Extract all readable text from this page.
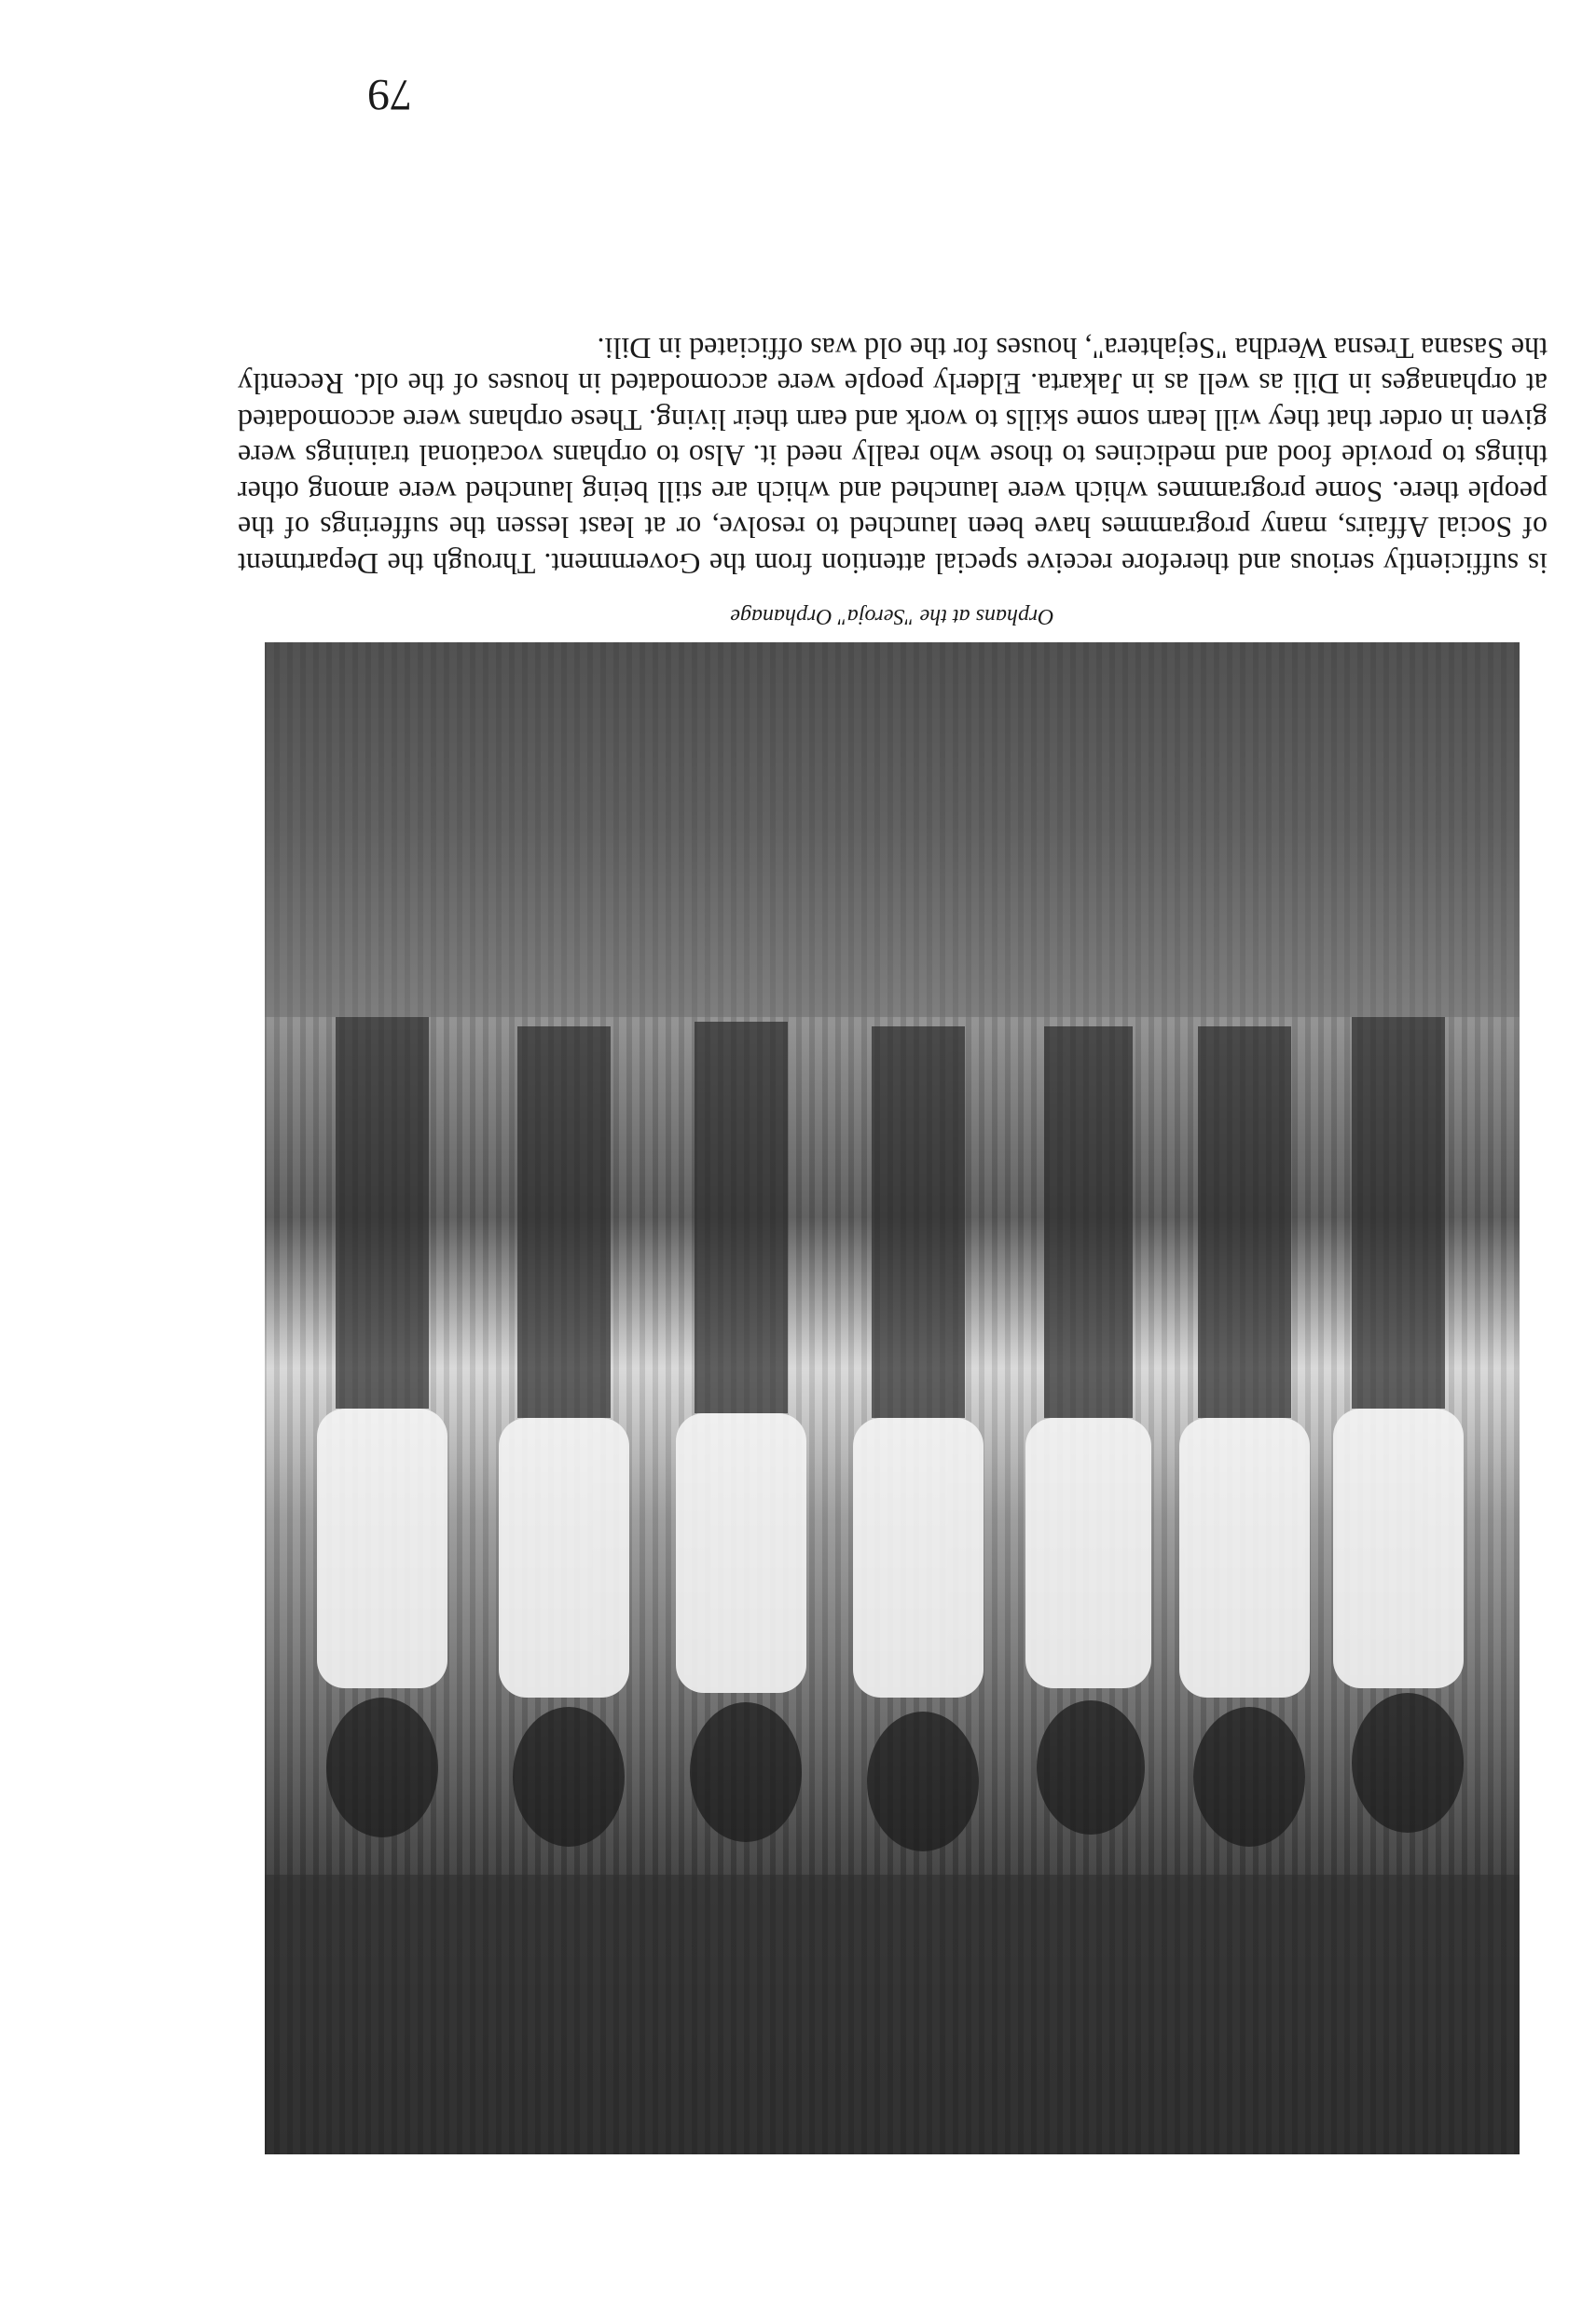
Orphans at the "Seroja" Orphanage

is sufficiently serious and therefore receive special attention from the Government. Through the Department of Social Affairs, many programmes have been launched to resolve, or at least lessen the sufferings of the people there. Some programmes which were launched and which are still being launched were among other things to provide food and medicines to those who really need it. Also to orphans vocational trainings were given in order that they will learn some skills to work and earn their living. These orphans were accomodated at orphanages in Dili as well as in Jakarta. Elderly people were accomodated in houses of the old. Recently the Sasana Tresna Werdha "Sejahtera", houses for the old was officiated in Dili.

79
